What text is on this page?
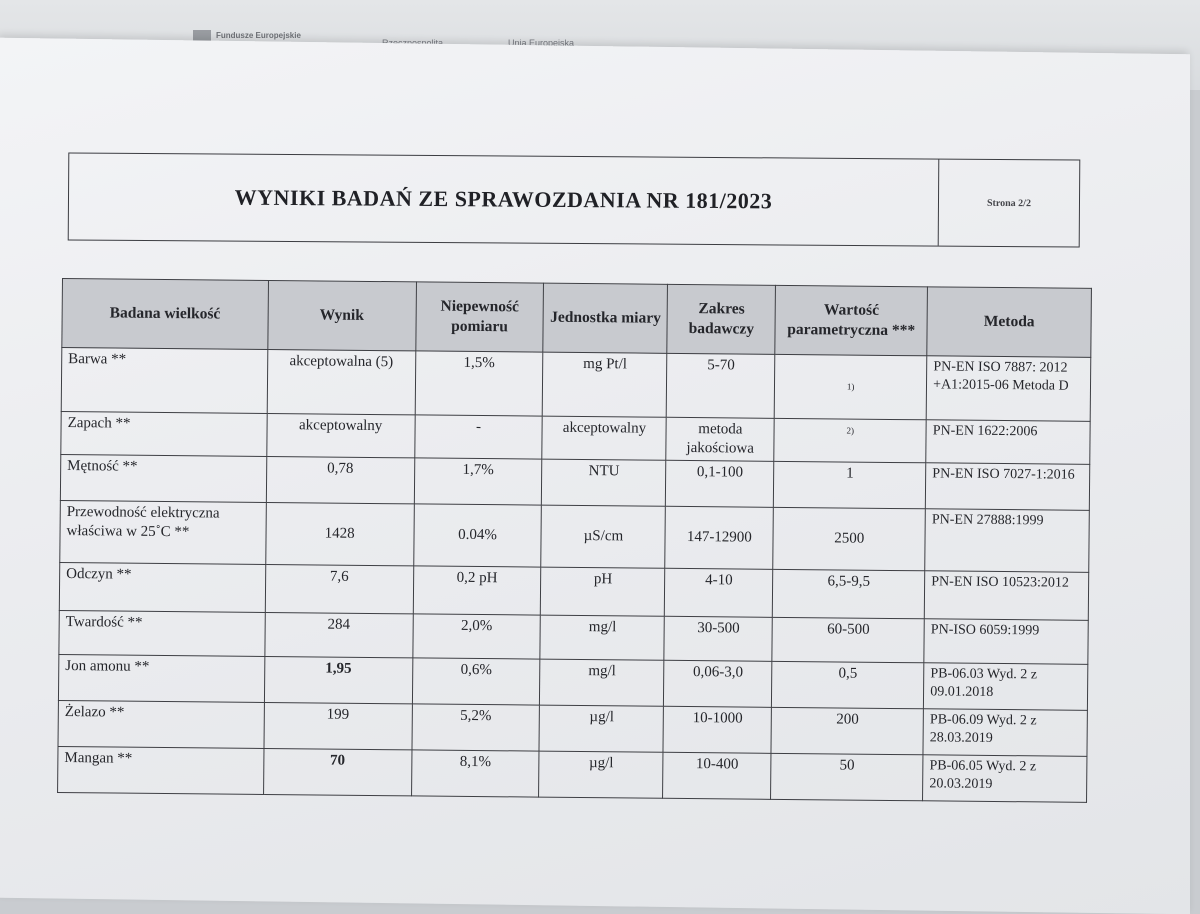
Fundusze Europejskie
Unia Europejska
WYNIKI BADAŃ ZE SPRAWOZDANIA NR 181/2023	Strona 2/2
Badana wielkość	Wynik	Niepewność pomiaru	Jednostka miary	Zakres badawczy	Wartość parametryczna ***	Metoda
Barwa **	akceptowalna (5)	1,5%	mg Pt/l	5-70	1)	PN-EN ISO 7887: 2012 +A1:2015-06 Metoda D
Zapach **	akceptowalny	-	akceptowalny	metoda jakościowa	2)	PN-EN 1622:2006
Mętność **	0,78	1,7%	NTU	0,1-100	1	PN-EN ISO 7027-1:2016
Przewodność elektryczna właściwa w 25˚C **	1428	0.04%	µS/cm	147-12900	2500	PN-EN 27888:1999
Odczyn **	7,6	0,2 pH	pH	4-10	6,5-9,5	PN-EN ISO 10523:2012
Twardość **	284	2,0%	mg/l	30-500	60-500	PN-ISO 6059:1999
Jon amonu **	1,95	0,6%	mg/l	0,06-3,0	0,5	PB-06.03 Wyd. 2 z 09.01.2018
Żelazo **	199	5,2%	µg/l	10-1000	200	PB-06.09 Wyd. 2 z 28.03.2019
Mangan **	70	8,1%	µg/l	10-400	50	PB-06.05 Wyd. 2 z 20.03.2019
